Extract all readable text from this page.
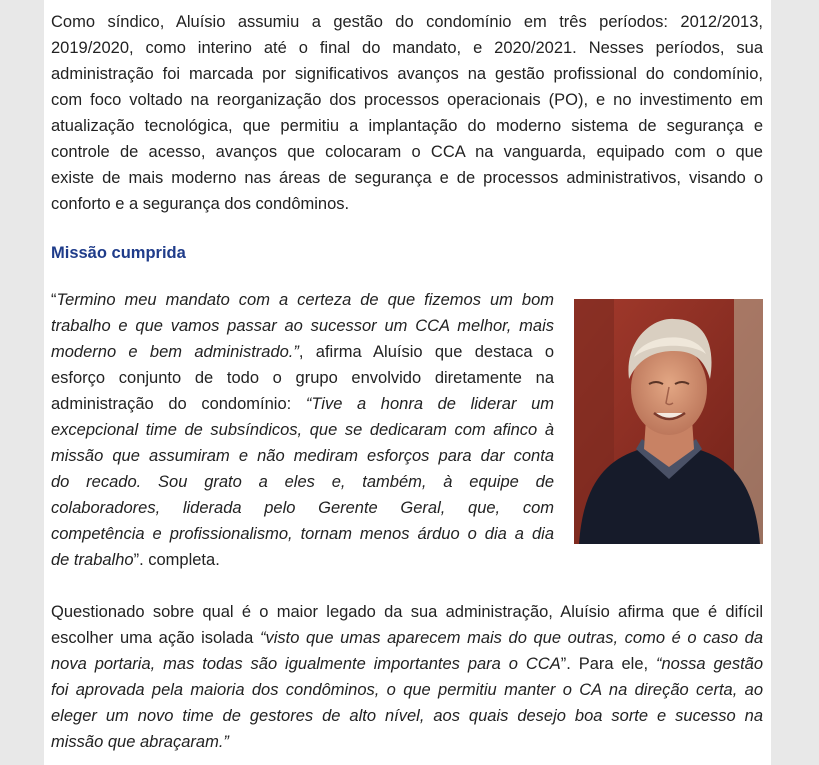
Como síndico, Aluísio assumiu a gestão do condomínio em três períodos: 2012/2013,
2019/2020, como interino até o final do mandato, e 2020/2021. Nesses períodos, sua
administração foi marcada por significativos avanços na gestão profissional do condomínio,
com foco voltado na reorganização dos processos operacionais (PO), e no investimento em
atualização tecnológica, que permitiu a implantação do moderno sistema de segurança e
controle de acesso, avanços que colocaram o CCA na vanguarda, equipado com o que
existe de mais moderno nas áreas de segurança e de processos administrativos, visando o
conforto e a segurança dos condôminos.

Missão cumprida
“Termino meu mandato com a certeza de que fizemos um bom
trabalho e que vamos passar ao sucessor um CCA melhor, mais
moderno e bem administrado.”, afirma Aluísio que destaca o
esforço conjunto de todo o grupo envolvido diretamente na
administração do condomínio: “Tive a honra de liderar um
excepcional time de subsíndicos, que se dedicaram com afinco à
missão que assumiram e não mediram esforços para dar conta
do recado. Sou grato a eles e, também, à equipe de
colaboradores, liderada pelo Gerente Geral, que, com
competência e profissionalismo, tornam menos árduo o dia a dia
de trabalho”. completa.
Questionado sobre qual é o maior legado da sua administração, Aluísio afirma que é difícil
escolher uma ação isolada “visto que umas aparecem mais do que outras, como é o caso da
nova portaria, mas todas são igualmente importantes para o CCA”. Para ele, “nossa gestão
foi aprovada pela maioria dos condôminos, o que permitiu manter o CA na direção certa, ao
eleger um novo time de gestores de alto nível, aos quais desejo boa sorte e sucesso na
missão que abraçaram.”
